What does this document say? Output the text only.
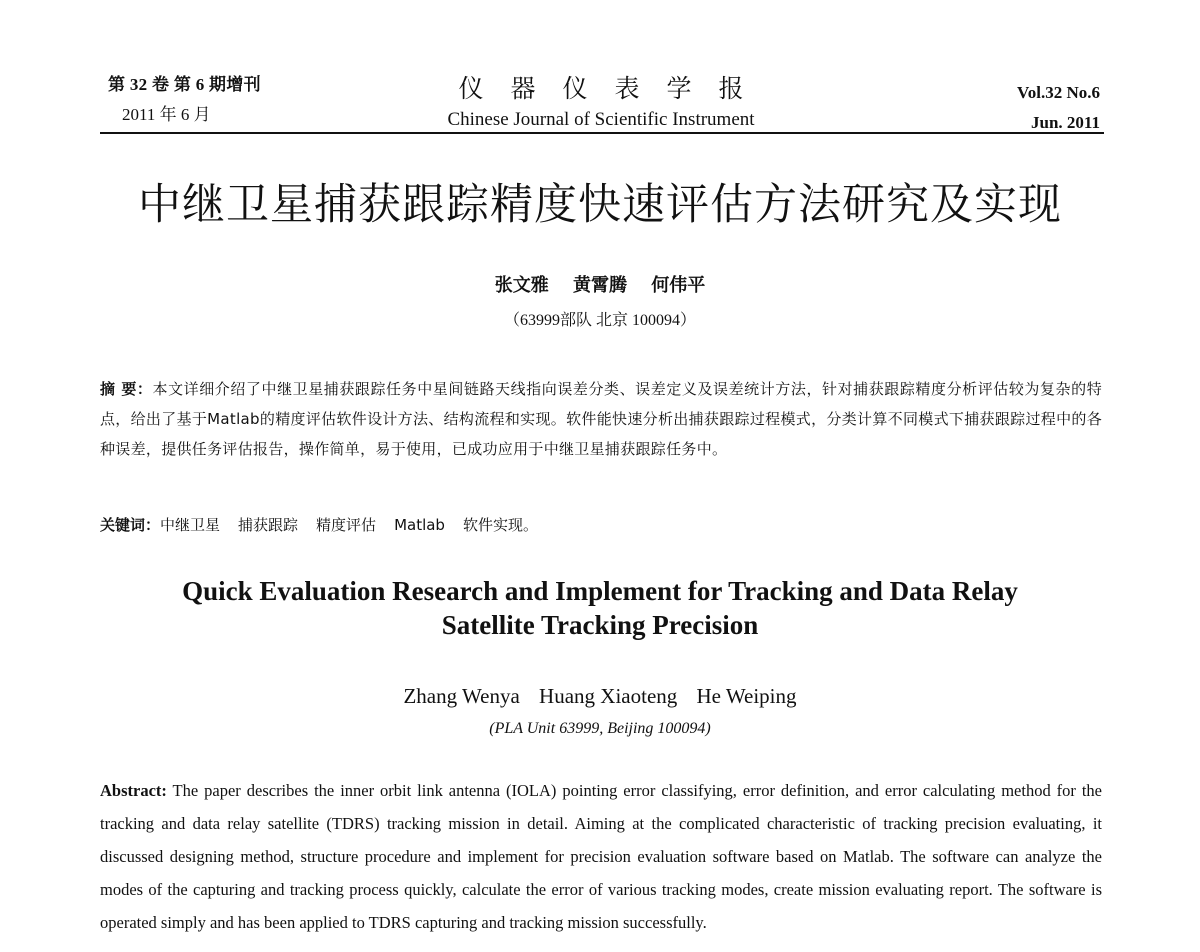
第 32 卷 第 6 期增刊
2011 年 6 月
仪器仪表学报
Chinese Journal of Scientific Instrument
Vol.32 No.6
Jun. 2011
中继卫星捕获跟踪精度快速评估方法研究及实现
张文雅 黄霄腾 何伟平
（63999部队 北京 100094）

摘 要：本文详细介绍了中继卫星捕获跟踪任务中星间链路天线指向误差分类、误差定义及误差统计方法，针对捕获跟踪精度分析评估较为复杂的特点，给出了基于Matlab的精度评估软件设计方法、结构流程和实现。软件能快速分析出捕获跟踪过程模式，分类计算不同模式下捕获跟踪过程中的各种误差，提供任务评估报告，操作简单，易于使用，已成功应用于中继卫星捕获跟踪任务中。

关键词：中继卫星 捕获跟踪 精度评估 Matlab 软件实现。
Quick Evaluation Research and Implement for Tracking and Data Relay
Satellite Tracking Precision
Zhang Wenya Huang Xiaoteng He Weiping
(PLA Unit 63999, Beijing 100094)
Abstract: The paper describes the inner orbit link antenna (IOLA) pointing error classifying, error definition, and error calculating method for the tracking and data relay satellite (TDRS) tracking mission in detail. Aiming at the complicated characteristic of tracking precision evaluating, it discussed designing method, structure procedure and implement for precision evaluation software based on Matlab. The software can analyze the modes of the capturing and tracking process quickly, calculate the error of various tracking modes, create mission evaluating report. The software is operated simply and has been applied to TDRS capturing and tracking mission successfully.
